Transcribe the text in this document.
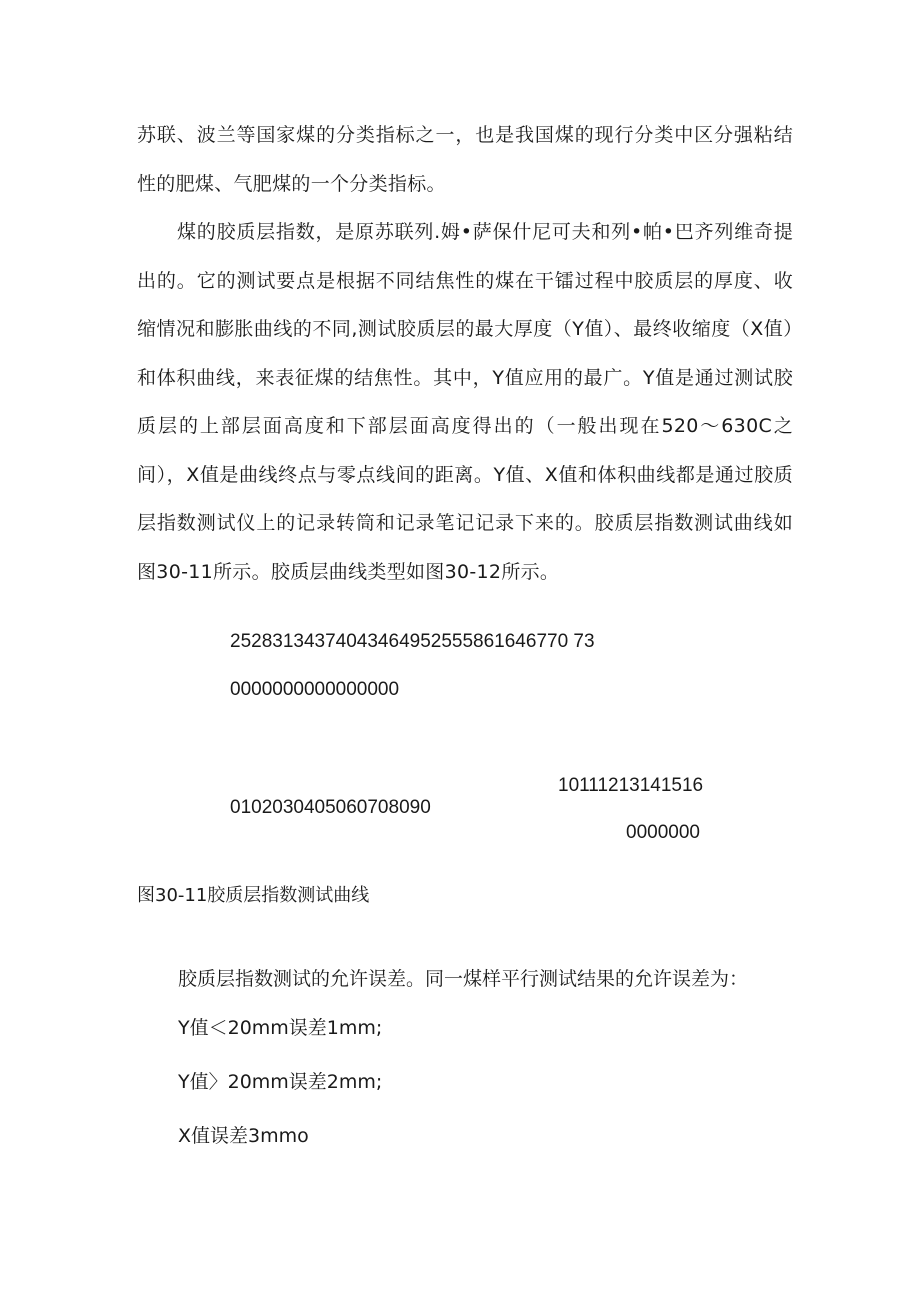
苏联、波兰等国家煤的分类指标之一，也是我国煤的现行分类中区分强粘结性的肥煤、气肥煤的一个分类指标。

煤的胶质层指数，是原苏联列.姆•萨保什尼可夫和列•帕•巴齐列维奇提出的。它的测试要点是根据不同结焦性的煤在干镭过程中胶质层的厚度、收缩情况和膨胀曲线的不同,测试胶质层的最大厚度（Y值）、最终收缩度（X值）和体积曲线，来表征煤的结焦性。其中，Y值应用的最广。Y值是通过测试胶质层的上部层面高度和下部层面高度得出的（一般出现在520～630C之间），X值是曲线终点与零点线间的距离。Y值、X值和体积曲线都是通过胶质层指数测试仪上的记录转筒和记录笔记记录下来的。胶质层指数测试曲线如图30-11所示。胶质层曲线类型如图30-12所示。

25283134374043464952555861646770 73

0000000000000000

10111213141516

0102030405060708090

0000000

图30-11胶质层指数测试曲线

胶质层指数测试的允许误差。同一煤样平行测试结果的允许误差为：

Y值＜20mm误差1mm;

Y值〉20mm误差2mm;

X值误差3mmo
